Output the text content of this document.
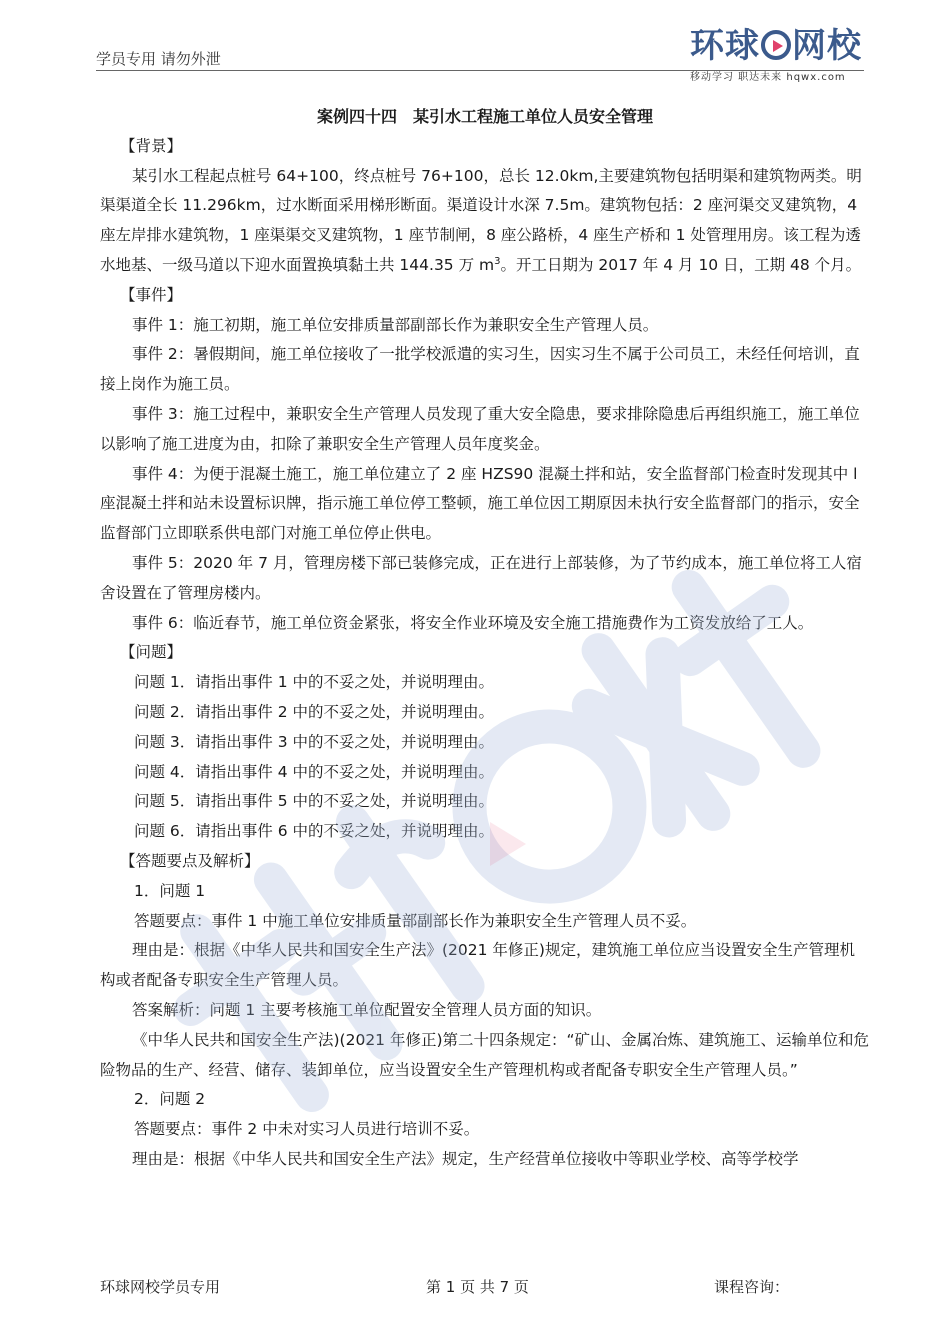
学员专用 请勿外泄	环球 网校
移动学习 职达未来 hqwx.com

案例四十四　某引水工程施工单位人员安全管理

【背景】

某引水工程起点桩号 64+100，终点桩号 76+100，总长 12.0km,主要建筑物包括明渠和建筑物两类。明渠渠道全长 11.296km，过水断面采用梯形断面。渠道设计水深 7.5m。建筑物包括：2 座河渠交叉建筑物，4 座左岸排水建筑物，1 座渠渠交叉建筑物，1 座节制闸，8 座公路桥，4 座生产桥和 1 处管理用房。该工程为透水地基、一级马道以下迎水面置换填黏土共 144.35 万 $m^3$。开工日期为 2017 年 4 月 10 日，工期 48 个月。

【事件】

事件 1：施工初期，施工单位安排质量部副部长作为兼职安全生产管理人员。

事件 2：暑假期间，施工单位接收了一批学校派遣的实习生，因实习生不属于公司员工，未经任何培训，直接上岗作为施工员。

事件 3：施工过程中，兼职安全生产管理人员发现了重大安全隐患，要求排除隐患后再组织施工，施工单位以影响了施工进度为由，扣除了兼职安全生产管理人员年度奖金。

事件 4：为便于混凝土施工，施工单位建立了 2 座 HZS90 混凝土拌和站，安全监督部门检查时发现其中 l 座混凝土拌和站未设置标识牌，指示施工单位停工整顿，施工单位因工期原因未执行安全监督部门的指示，安全监督部门立即联系供电部门对施工单位停止供电。

事件 5：2020 年 7 月，管理房楼下部已装修完成，正在进行上部装修，为了节约成本，施工单位将工人宿舍设置在了管理房楼内。

事件 6：临近春节，施工单位资金紧张，将安全作业环境及安全施工措施费作为工资发放给了工人。

【问题】

问题 1．请指出事件 1 中的不妥之处，并说明理由。

问题 2．请指出事件 2 中的不妥之处，并说明理由。

问题 3．请指出事件 3 中的不妥之处，并说明理由。

问题 4．请指出事件 4 中的不妥之处，并说明理由。

问题 5．请指出事件 5 中的不妥之处，并说明理由。

问题 6．请指出事件 6 中的不妥之处，并说明理由。

【答题要点及解析】

1．问题 1

答题要点：事件 1 中施工单位安排质量部副部长作为兼职安全生产管理人员不妥。

理由是：根据《中华人民共和国安全生产法》(2021 年修正)规定，建筑施工单位应当设置安全生产管理机构或者配备专职安全生产管理人员。

答案解析：问题 1 主要考核施工单位配置安全管理人员方面的知识。

《中华人民共和国安全生产法)(2021 年修正)第二十四条规定：“矿山、金属冶炼、建筑施工、运输单位和危险物品的生产、经营、储存、装卸单位，应当设置安全生产管理机构或者配备专职安全生产管理人员。”

2．问题 2

答题要点：事件 2 中未对实习人员进行培训不妥。

理由是：根据《中华人民共和国安全生产法》规定，生产经营单位接收中等职业学校、高等学校学

环球网校学员专用	第 1 页 共 7 页	课程咨询：
